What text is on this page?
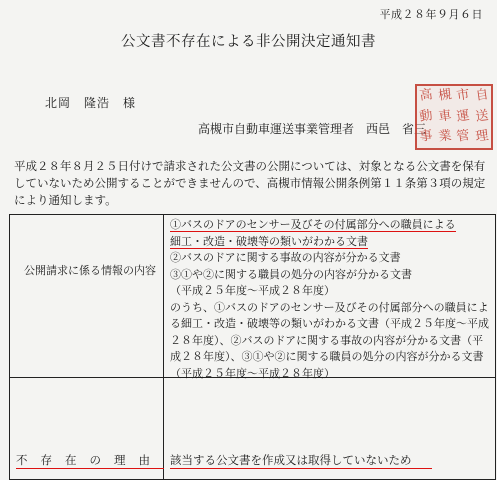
平成２８年９月６日
公文書不存在による非公開決定通知書
北岡　隆浩　様
高槻市自動車運送事業管理者　西邑　省三
高 槻 市 自
動 車 運 送
事 業 管 理
平成２８年８月２５日付けで請求された公文書の公開については、対象となる公文書を保有していないため公開することができませんので、高槻市情報公開条例第１１条第３項の規定により通知します。
公開請求に係る情報の内容

①バスのドアのセンサー及びその付属部分への職員による

細工・改造・破壊等の類いがわかる文書

②バスのドアに関する事故の内容が分かる文書

③①や②に関する職員の処分の内容が分かる文書

（平成２５年度～平成２８年度）

のうち、①バスのドアのセンサー及びその付属部分への職員による細工・改造・破壊等の類いがわかる文書（平成２５年度～平成２８年度）、②バスのドアに関する事故の内容が分かる文書（平成２８年度）、③①や②に関する職員の処分の内容が分かる文書（平成２５年度～平成２８年度）

不存在の理由 該当する公文書を作成又は取得していないため
